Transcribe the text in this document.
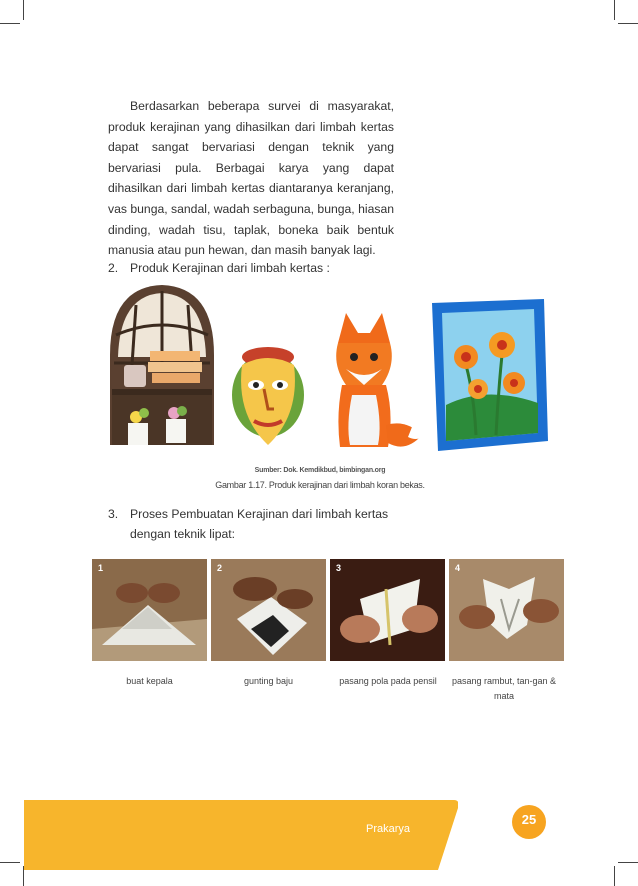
Berdasarkan beberapa survei di masyarakat, produk kerajinan yang dihasilkan dari limbah kertas dapat sangat bervariasi dengan teknik yang bervariasi pula. Berbagai karya yang dapat dihasilkan dari limbah kertas diantaranya keranjang, vas bunga, sandal, wadah serbaguna, bunga, hiasan dinding, wadah tisu, taplak, boneka baik bentuk manusia atau pun hewan, dan masih banyak lagi.

2. Produk Kerajinan dari limbah kertas :
Sumber: Dok. Kemdikbud, bimbingan.org
Gambar 1.17. Produk kerajinan dari limbah koran bekas.
3. Proses Pembuatan Kerajinan dari limbah kertas dengan teknik lipat:
1	2	3	4
buat kepala	gunting baju	pasang pola pada pensil	pasang rambut, tan-gan & mata
Prakarya
25
